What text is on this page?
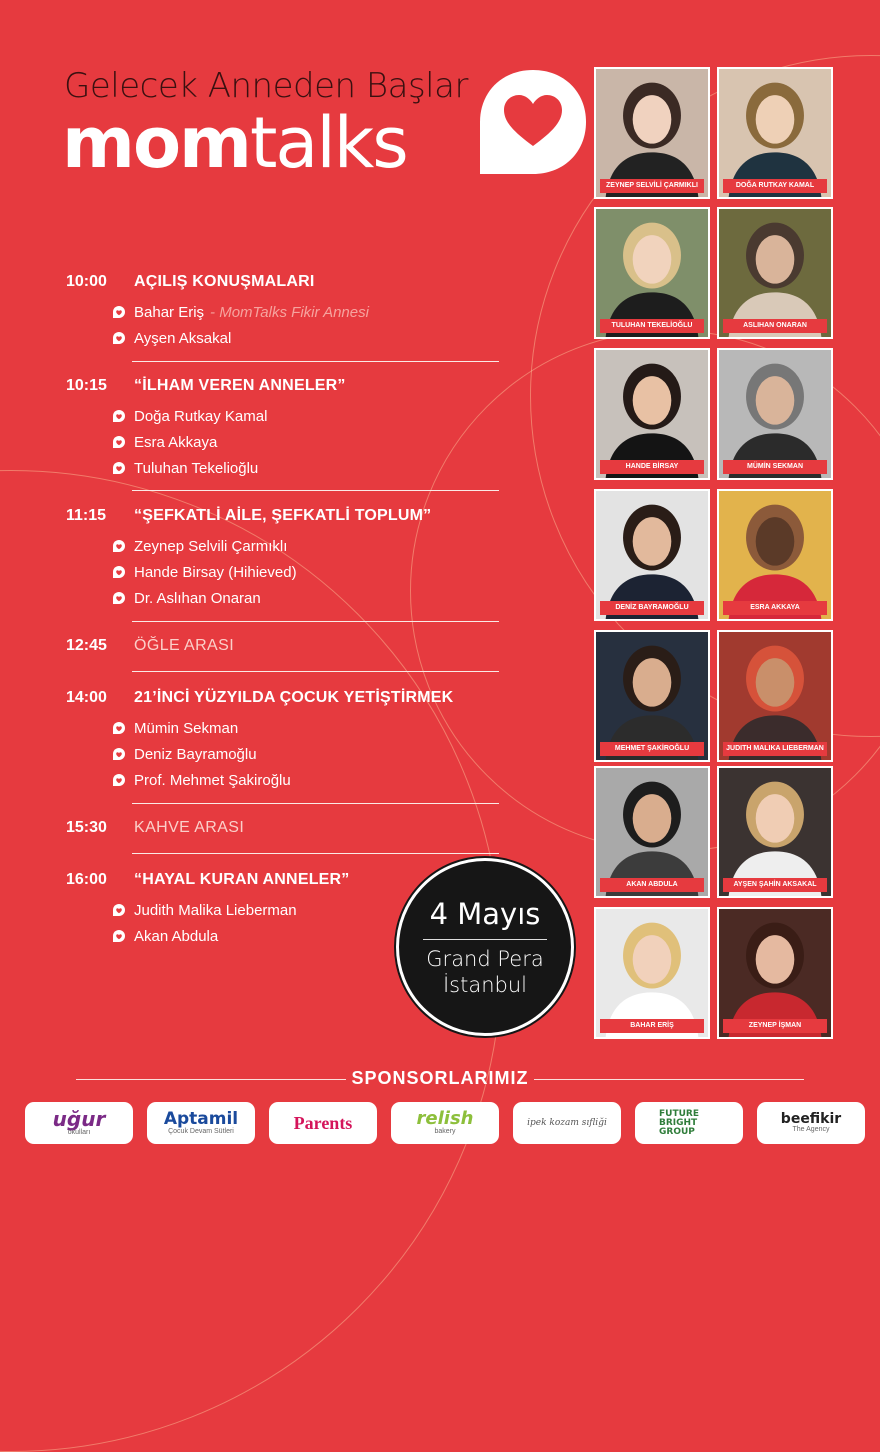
Gelecek Anneden Başlar
momtalks
10:00	AÇILIŞ KONUŞMALARI
Bahar Eriş - MomTalks Fikir Annesi
Ayşen Aksakal
10:15	“İLHAM VEREN ANNELER”
Doğa Rutkay Kamal
Esra Akkaya
Tuluhan Tekelioğlu
11:15	“ŞEFKATLİ AİLE, ŞEFKATLİ TOPLUM”
Zeynep Selvili Çarmıklı
Hande Birsay (Hihieved)
Dr. Aslıhan Onaran
12:45	ÖĞLE ARASI
14:00	21’İNCİ YÜZYILDA ÇOCUK YETİŞTİRMEK
Mümin Sekman
Deniz Bayramoğlu
Prof. Mehmet Şakiroğlu
15:30	KAHVE ARASI
16:00	“HAYAL KURAN ANNELER”
Judith Malika Lieberman
Akan Abdula
4 Mayıs
Grand Pera
İstanbul
ZEYNEP SELVİLİ ÇARMIKLI	DOĞA RUTKAY KAMAL
TULUHAN TEKELİOĞLU	ASLIHAN ONARAN
HANDE BİRSAY	MÜMİN SEKMAN
DENİZ BAYRAMOĞLU	ESRA AKKAYA
MEHMET ŞAKİROĞLU	JUDITH MALIKA LIEBERMAN
AKAN ABDULA	AYŞEN ŞAHİN AKSAKAL
BAHAR ERİŞ	ZEYNEP İŞMAN
SPONSORLARIMIZ
uğur
okulları
Aptamil
Çocuk Devam Sütleri	Parents	relish
bakery
ipek kozam sıfliği
FUTURE BRIGHT GROUP
beefikir
The Agency
